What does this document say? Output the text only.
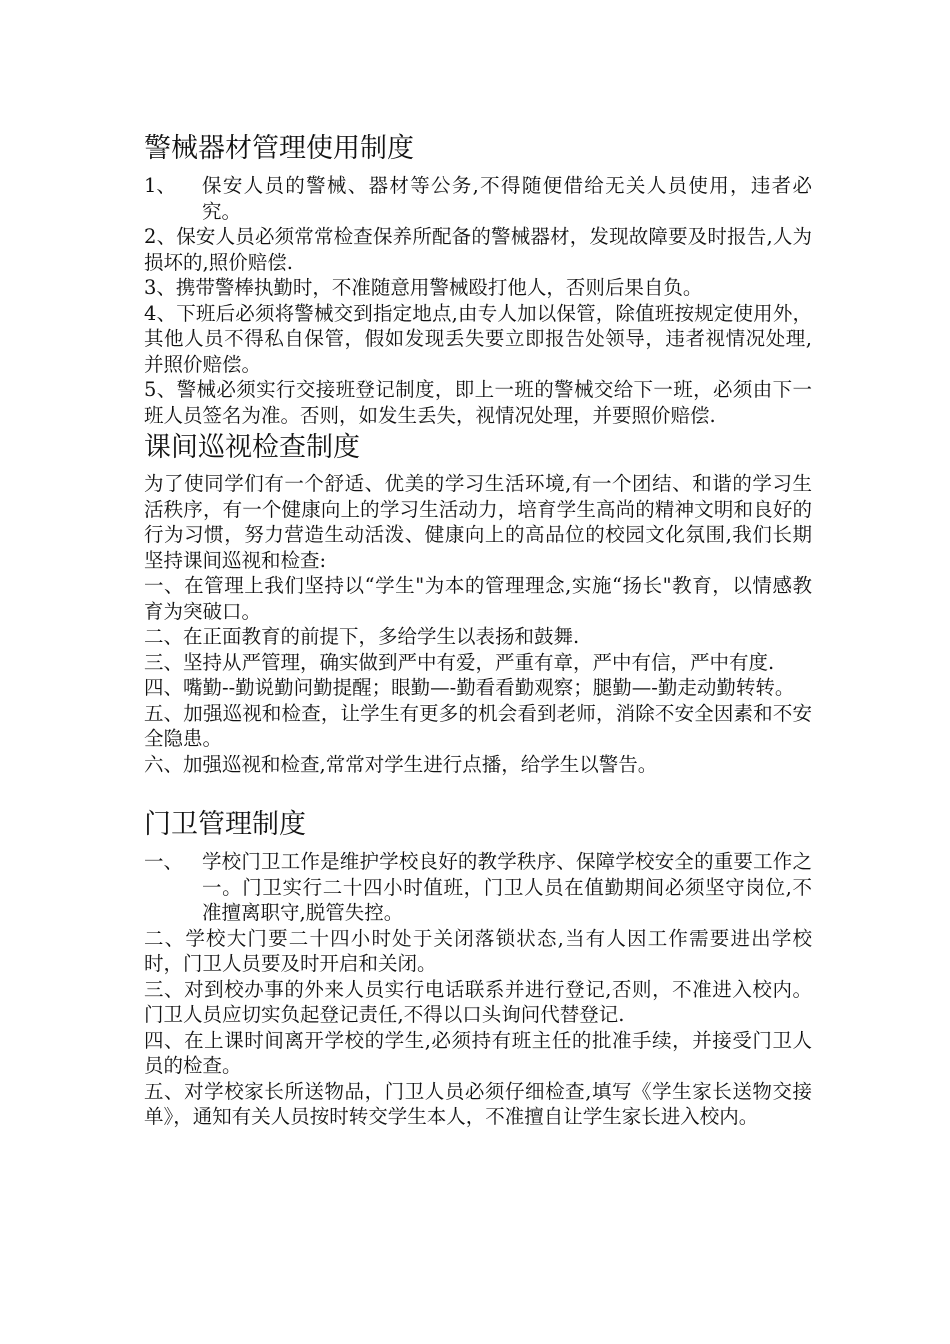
警械器材管理使用制度
1、	保安人员的警械、器材等公务,不得随便借给无关人员使用，违者必究。

2、保安人员必须常常检查保养所配备的警械器材，发现故障要及时报告,人为损坏的,照价赔偿.

3、携带警棒执勤时，不准随意用警械殴打他人，否则后果自负。

4、下班后必须将警械交到指定地点,由专人加以保管，除值班按规定使用外，其他人员不得私自保管，假如发现丢失要立即报告处领导，违者视情况处理,并照价赔偿。

5、警械必须实行交接班登记制度，即上一班的警械交给下一班，必须由下一班人员签名为准。否则，如发生丢失，视情况处理，并要照价赔偿.

课间巡视检查制度

为了使同学们有一个舒适、优美的学习生活环境,有一个团结、和谐的学习生活秩序，有一个健康向上的学习生活动力，培育学生高尚的精神文明和良好的行为习惯，努力营造生动活泼、健康向上的高品位的校园文化氛围,我们长期坚持课间巡视和检查:

一、在管理上我们坚持以“学生"为本的管理理念,实施“扬长"教育，以情感教育为突破口。

二、在正面教育的前提下，多给学生以表扬和鼓舞.

三、坚持从严管理，确实做到严中有爱，严重有章，严中有信，严中有度.

四、嘴勤--勤说勤问勤提醒；眼勤—-勤看看勤观察；腿勤—-勤走动勤转转。

五、加强巡视和检查，让学生有更多的机会看到老师，消除不安全因素和不安全隐患。

六、加强巡视和检查,常常对学生进行点播，给学生以警告。

门卫管理制度
一、 学校门卫工作是维护学校良好的教学秩序、保障学校安全的重要工作之一。门卫实行二十四小时值班，门卫人员在值勤期间必须坚守岗位,不准擅离职守,脱管失控。

二、学校大门要二十四小时处于关闭落锁状态,当有人因工作需要进出学校时，门卫人员要及时开启和关闭。

三、对到校办事的外来人员实行电话联系并进行登记,否则，不准进入校内。门卫人员应切实负起登记责任,不得以口头询问代替登记.

四、在上课时间离开学校的学生,必须持有班主任的批准手续，并接受门卫人员的检查。

五、对学校家长所送物品，门卫人员必须仔细检查,填写《学生家长送物交接单》，通知有关人员按时转交学生本人，不准擅自让学生家长进入校内。
